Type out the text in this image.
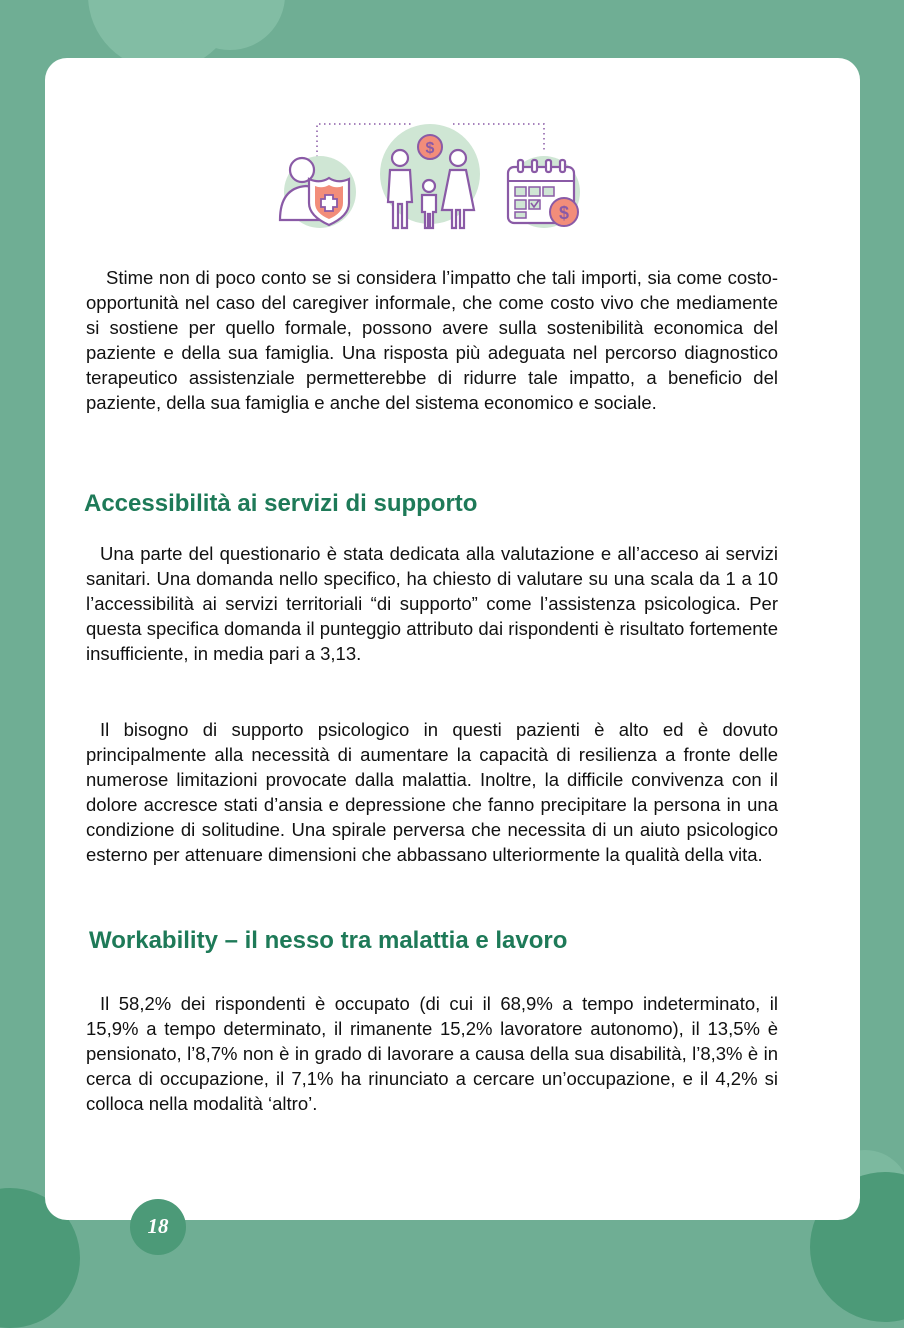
$
$

Stime non di poco conto se si considera l’impatto che tali importi, sia come costo-opportunità nel caso del caregiver informale, che come costo vivo che mediamente si sostiene per quello formale, possono avere sulla sostenibilità economica del paziente e della sua famiglia. Una risposta più adeguata nel percorso diagnostico terapeutico assistenziale permetterebbe di ridurre tale impatto, a beneficio del paziente, della sua famiglia e anche del sistema economico e sociale.

Accessibilità ai servizi di supporto

Una parte del questionario è stata dedicata alla valutazione e all’acceso ai servizi sanitari. Una domanda nello specifico, ha chiesto di valutare su una scala da 1 a 10 l’accessibilità ai servizi territoriali “di supporto” come l’assistenza psicologica. Per questa specifica domanda il punteggio attributo dai rispondenti è risultato fortemente insufficiente, in media pari a 3,13.

Il bisogno di supporto psicologico in questi pazienti è alto ed è dovuto principalmente alla necessità di aumentare la capacità di resilienza a fronte delle numerose limitazioni provocate dalla malattia. Inoltre, la difficile convivenza con il dolore accresce stati d’ansia e depressione che fanno precipitare la persona in una condizione di solitudine. Una spirale perversa che necessita di un aiuto psicologico esterno per attenuare dimensioni che abbassano ulteriormente la qualità della vita.

Workability – il nesso tra malattia e lavoro

Il 58,2% dei rispondenti è occupato (di cui il 68,9% a tempo indeterminato, il 15,9% a tempo determinato, il rimanente 15,2% lavoratore autonomo), il 13,5% è pensionato, l’8,7% non è in grado di lavorare a causa della sua disabilità, l’8,3% è in cerca di occupazione, il 7,1% ha rinunciato a cercare un’occupazione, e il 4,2% si colloca nella modalità ‘altro’.

18
